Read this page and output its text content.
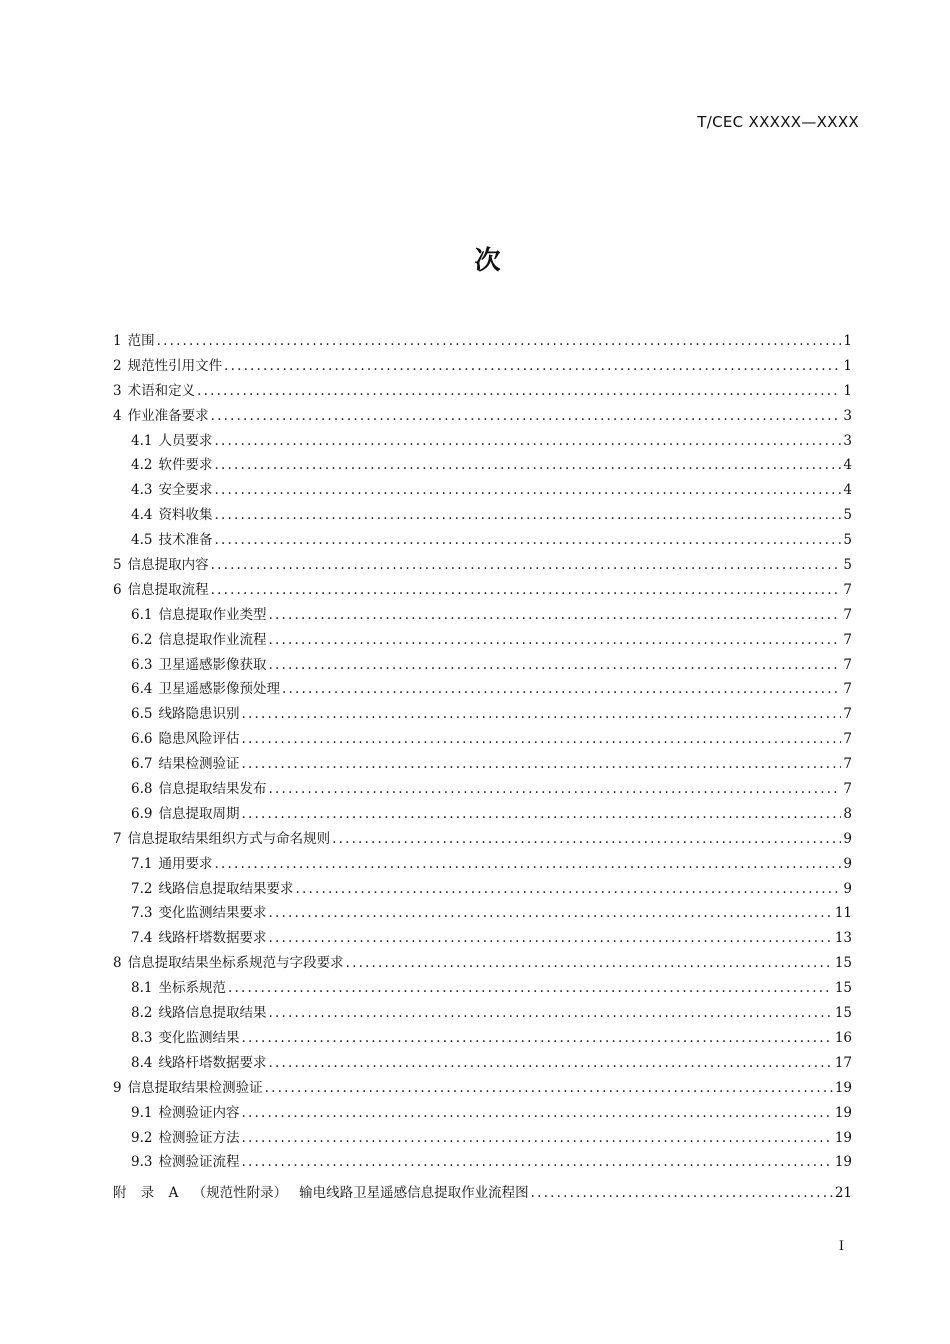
T/CEC XXXXX—XXXX
次
1 范围 .....	1
2 规范性引用文件 .....	1
3 术语和定义 .....	1
4 作业准备要求 .....	3
4.1 人员要求 .....	3
4.2 软件要求 .....	4
4.3 安全要求 .....	4
4.4 资料收集 .....	5
4.5 技术准备 .....	5
5 信息提取内容 .....	5
6 信息提取流程 .....	7
6.1 信息提取作业类型 .....	7
6.2 信息提取作业流程 .....	7
6.3 卫星遥感影像获取 .....	7
6.4 卫星遥感影像预处理 .....	7
6.5 线路隐患识别 .....	7
6.6 隐患风险评估 .....	7
6.7 结果检测验证 .....	7
6.8 信息提取结果发布 .....	7
6.9 信息提取周期 .....	8
7 信息提取结果组织方式与命名规则 .....	9
7.1 通用要求 .....	9
7.2 线路信息提取结果要求 .....	9
7.3 变化监测结果要求 .....	11
7.4 线路杆塔数据要求 .....	13
8 信息提取结果坐标系规范与字段要求 .....	15
8.1 坐标系规范 .....	15
8.2 线路信息提取结果 .....	15
8.3 变化监测结果 .....	16
8.4 线路杆塔数据要求 .....	17
9 信息提取结果检测验证 .....	19
9.1 检测验证内容 .....	19
9.2 检测验证方法 .....	19
9.3 检测验证流程 .....	19
附 录 A （规范性附录） 输电线路卫星遥感信息提取作业流程图 .....	21
I
